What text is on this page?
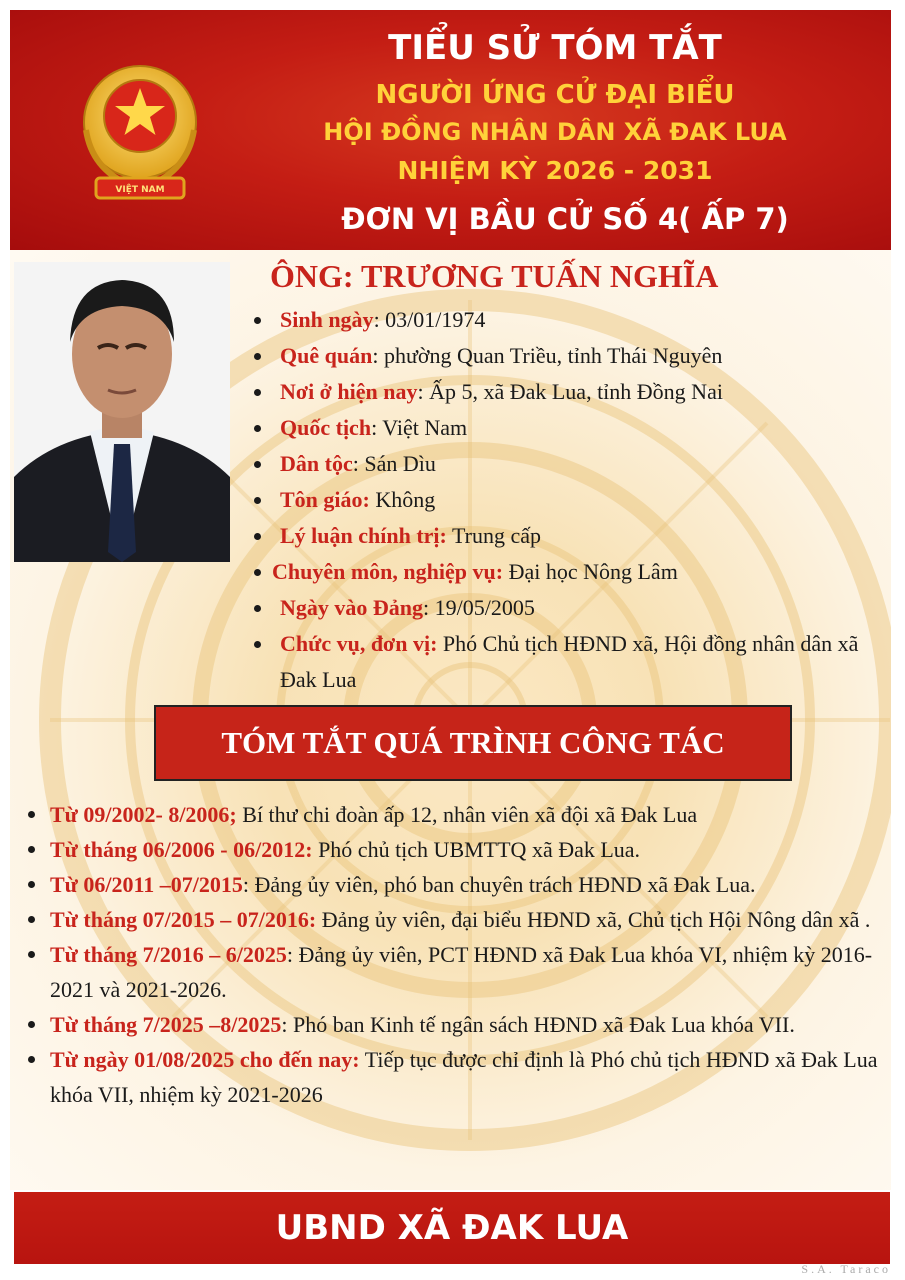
VIỆT NAM
TIỂU SỬ TÓM TẮT
NGƯỜI ỨNG CỬ ĐẠI BIỂU
HỘI ĐỒNG NHÂN DÂN XÃ ĐAK LUA
NHIỆM KỲ 2026 - 2031
ĐƠN VỊ BẦU CỬ SỐ 4( ẤP 7)
ÔNG: TRƯƠNG TUẤN NGHĨA
Sinh ngày: 03/01/1974
Quê quán: phường Quan Triều, tỉnh Thái Nguyên
Nơi ở hiện nay: Ấp 5, xã Đak Lua, tỉnh Đồng Nai
Quốc tịch: Việt Nam
Dân tộc: Sán Dìu
Tôn giáo: Không
Lý luận chính trị: Trung cấp
Chuyên môn, nghiệp vụ: Đại học Nông Lâm
Ngày vào Đảng: 19/05/2005
Chức vụ, đơn vị: Phó Chủ tịch HĐND xã, Hội đồng nhân dân xã Đak Lua
TÓM TẮT QUÁ TRÌNH CÔNG TÁC
Từ 09/2002- 8/2006; Bí thư chi đoàn ấp 12, nhân viên xã đội xã Đak Lua
Từ tháng 06/2006 - 06/2012: Phó chủ tịch UBMTTQ xã Đak Lua.
Từ 06/2011 –07/2015: Đảng ủy viên, phó ban chuyên trách HĐND xã Đak Lua.
Từ tháng 07/2015 – 07/2016: Đảng ủy viên, đại biểu HĐND xã, Chủ tịch Hội Nông dân xã .
Từ tháng 7/2016 – 6/2025: Đảng ủy viên, PCT HĐND xã Đak Lua khóa VI, nhiệm kỳ 2016-2021 và 2021-2026.
Từ tháng 7/2025 –8/2025: Phó ban Kinh tế ngân sách HĐND xã Đak Lua khóa VII.
Từ ngày 01/08/2025 cho đến nay: Tiếp tục được chỉ định là Phó chủ tịch HĐND xã Đak Lua khóa VII, nhiệm kỳ 2021-2026
UBND XÃ ĐAK LUA
S.A. Taraco
